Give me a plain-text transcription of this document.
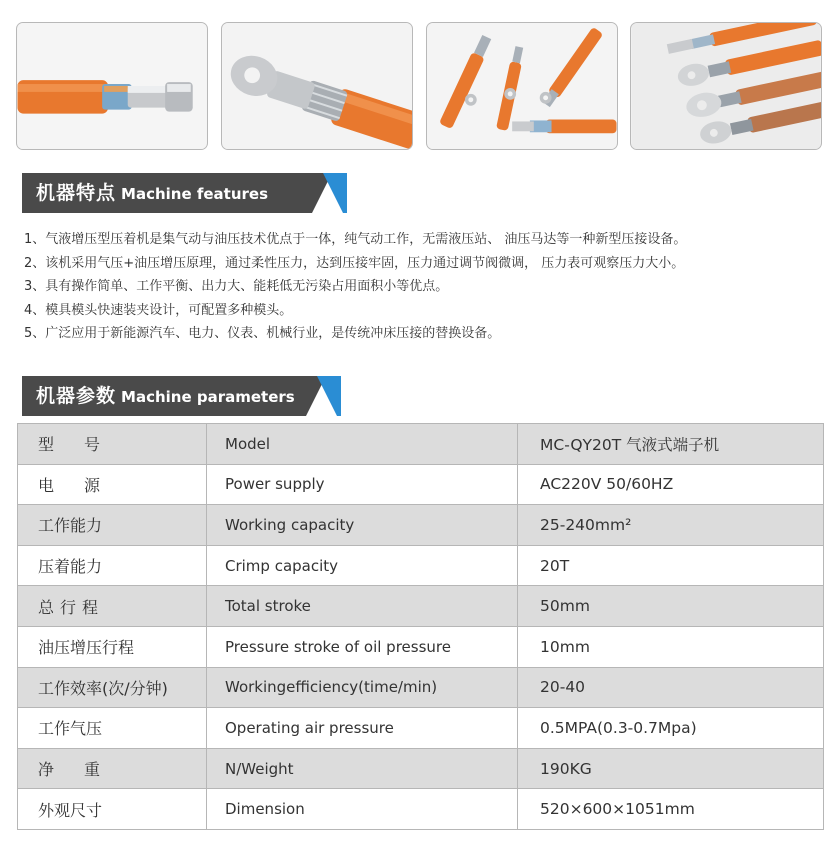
机器特点 Machine features
1、气液增压型压着机是集气动与油压技术优点于一体，纯气动工作，无需液压站、 油压马达等一种新型压接设备。
2、该机采用气压+油压增压原理，通过柔性压力，达到压接牢固，压力通过调节阀微调， 压力表可观察压力大小。
3、具有操作简单、工作平衡、出力大、能耗低无污染占用面积小等优点。
4、模具模头快速装夹设计，可配置多种模头。
5、广泛应用于新能源汽车、电力、仪表、机械行业，是传统冲床压接的替换设备。
机器参数 Machine parameters
型号	Model	MC-QY20T 气液式端子机
电源	Power supply	AC220V 50/60HZ
工作能力	Working capacity	25-240mm²
压着能力	Crimp capacity	20T
总行程	Total stroke	50mm
油压增压行程	Pressure stroke of oil pressure	10mm
工作效率(次/分钟)	Workingefficiency(time/min)	20-40
工作气压	Operating air pressure	0.5MPA(0.3-0.7Mpa)
净重	N/Weight	190KG
外观尺寸	Dimension	520×600×1051mm
